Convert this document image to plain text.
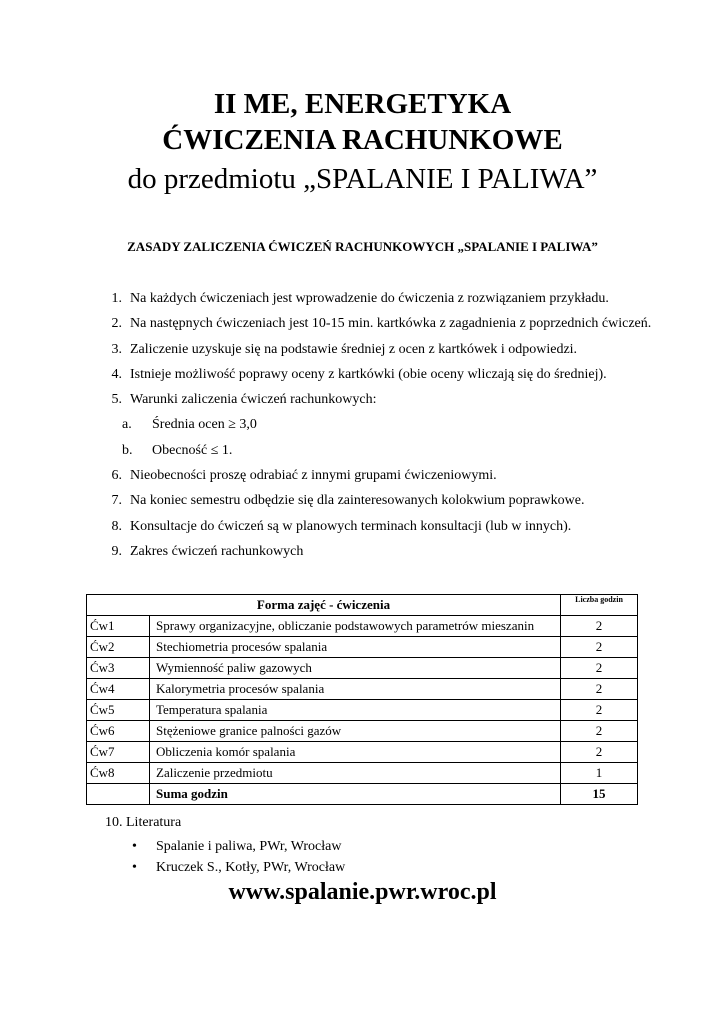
II ME, ENERGETYKA
ĆWICZENIA RACHUNKOWE
do przedmiotu „SPALANIE I PALIWA”
ZASADY ZALICZENIA ĆWICZEŃ RACHUNKOWYCH „SPALANIE I PALIWA”
1. Na każdych ćwiczeniach jest wprowadzenie do ćwiczenia z rozwiązaniem przykładu.
2. Na następnych ćwiczeniach jest 10-15 min. kartkówka z zagadnienia z poprzednich ćwiczeń.
3. Zaliczenie uzyskuje się na podstawie średniej z ocen z kartkówek i odpowiedzi.
4. Istnieje możliwość poprawy oceny z kartkówki (obie oceny wliczają się do średniej).
5. Warunki zaliczenia ćwiczeń rachunkowych:
a.	Średnia ocen ≥ 3,0
b.	Obecność ≤ 1.
6. Nieobecności proszę odrabiać z innymi grupami ćwiczeniowymi.
7. Na koniec semestru odbędzie się dla zainteresowanych kolokwium poprawkowe.
8. Konsultacje do ćwiczeń są w planowych terminach konsultacji (lub w innych).
9. Zakres ćwiczeń rachunkowych
Forma zajęć - ćwiczenia		Liczba godzin
Ćw1	Sprawy organizacyjne, obliczanie podstawowych parametrów mieszanin	2
Ćw2	Stechiometria procesów spalania	2
Ćw3	Wymienność paliw gazowych	2
Ćw4	Kalorymetria procesów spalania	2
Ćw5	Temperatura spalania	2
Ćw6	Stężeniowe granice palności gazów	2
Ćw7	Obliczenia komór spalania	2
Ćw8	Zaliczenie przedmiotu	1
	Suma godzin	15
10. Literatura
• Spalanie i paliwa, PWr, Wrocław
• Kruczek S., Kotły, PWr, Wrocław
www.spalanie.pwr.wroc.pl
